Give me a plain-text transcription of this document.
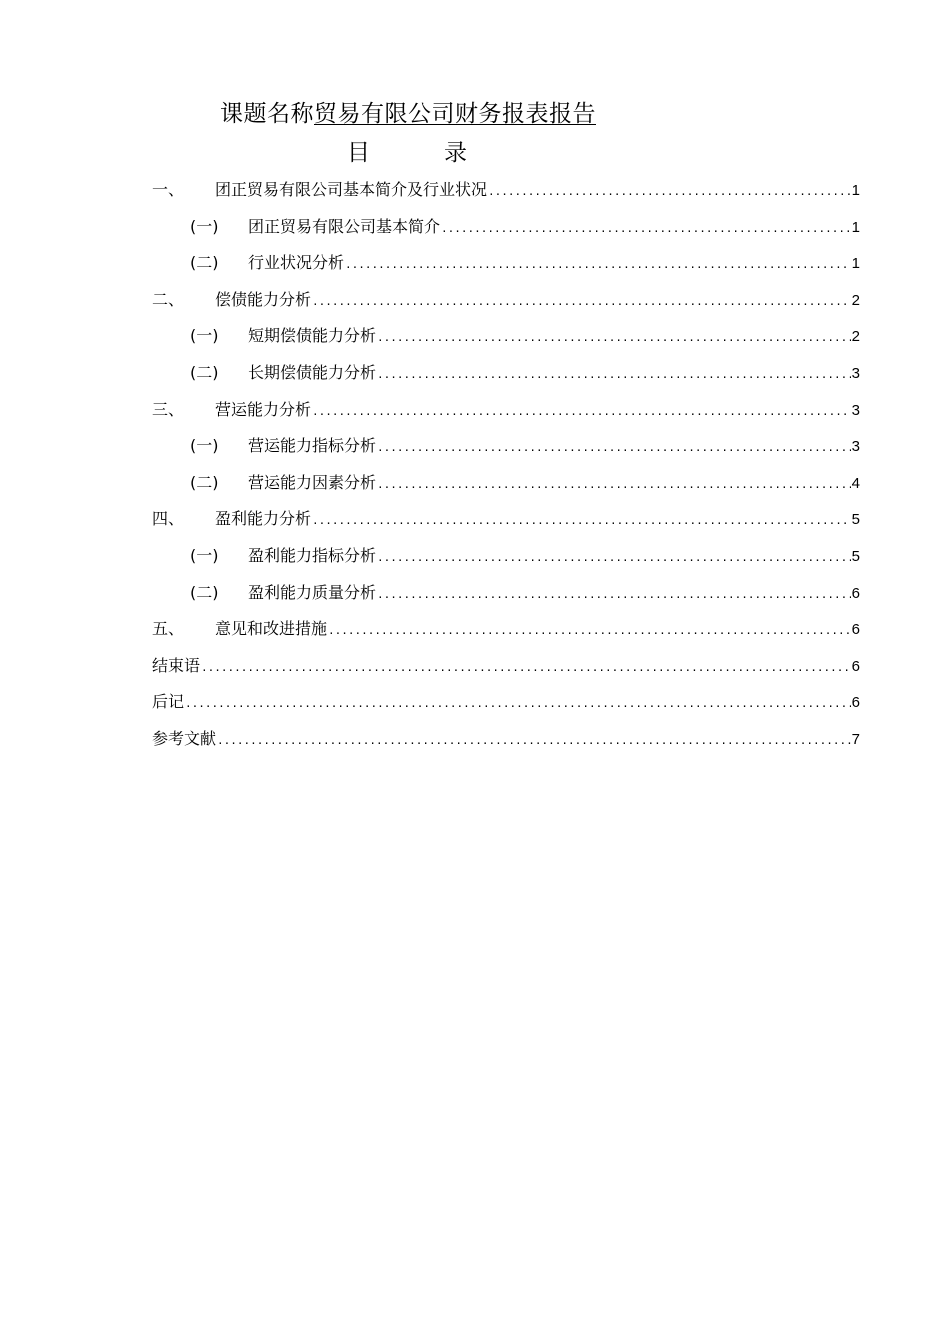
课题名称贸易有限公司财务报表报告
目	录
一、	团正贸易有限公司基本简介及行业状况 .....	1
(一)	团正贸易有限公司基本简介 .....	1
(二)	行业状况分析 .....	1
二、	偿债能力分析 .....	2
(一)	短期偿债能力分析 .....	2
(二)	长期偿债能力分析 .....	3
三、	营运能力分析 .....	3
(一)	营运能力指标分析 .....	3
(二)	营运能力因素分析 .....	4
四、	盈利能力分析 .....	5
(一)	盈利能力指标分析 .....	5
(二)	盈利能力质量分析 .....	6
五、	意见和改进措施 .....	6
结束语 .....	6
后记 .....	6
参考文献 .....	7
